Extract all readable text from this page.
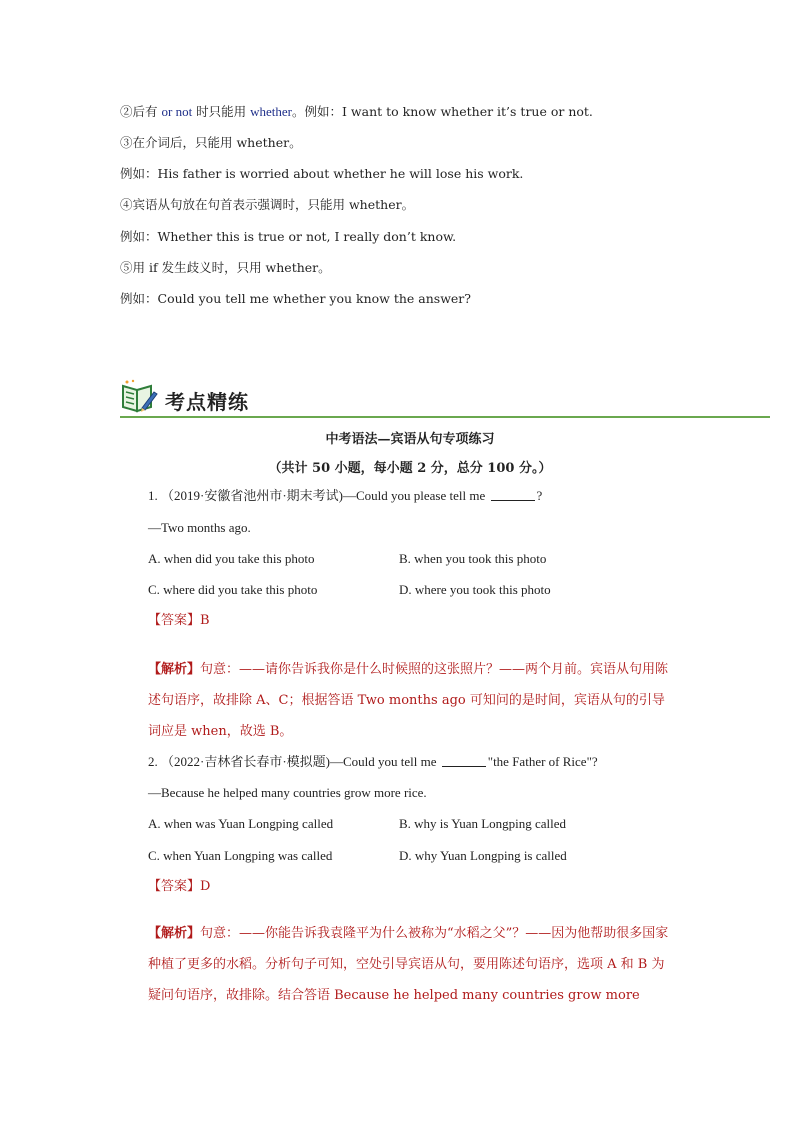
②后有 or not 时只能用 whether。例如：I want to know whether it’s true or not.
③在介词后，只能用 whether。
例如：His father is worried about whether he will lose his work.
④宾语从句放在句首表示强调时，只能用 whether。
例如：Whether this is true or not, I really don’t know.
⑤用 if 发生歧义时，只用 whether。
例如：Could you tell me whether you know the answer?
考点精练
中考语法—宾语从句专项练习
（共计 50 小题，每小题 2 分，总分 100 分。）
1. （2019·安徽省池州市·期末考试)—Could you please tell me	?
—Two months ago.
A. when did you take this photo	B. when you took this photo
C. where did you take this photo	D. where you took this photo
【答案】B
【解析】句意：——请你告诉我你是什么时候照的这张照片？——两个月前。宾语从句用陈述句语序，故排除 A、C；根据答语 Two months ago 可知问的是时间，宾语从句的引导词应是 when，故选 B。
2. （2022·吉林省长春市·模拟题)—Could you tell me	"the Father of Rice"?
—Because he helped many countries grow more rice.
A. when was Yuan Longping called	B. why is Yuan Longping called
C. when Yuan Longping was called	D. why Yuan Longping is called
【答案】D
【解析】句意：——你能告诉我袁隆平为什么被称为“水稻之父”？——因为他帮助很多国家种植了更多的水稻。分析句子可知，空处引导宾语从句，要用陈述句语序，选项 A 和 B 为疑问句语序，故排除。结合答语 Because he helped many countries grow more
